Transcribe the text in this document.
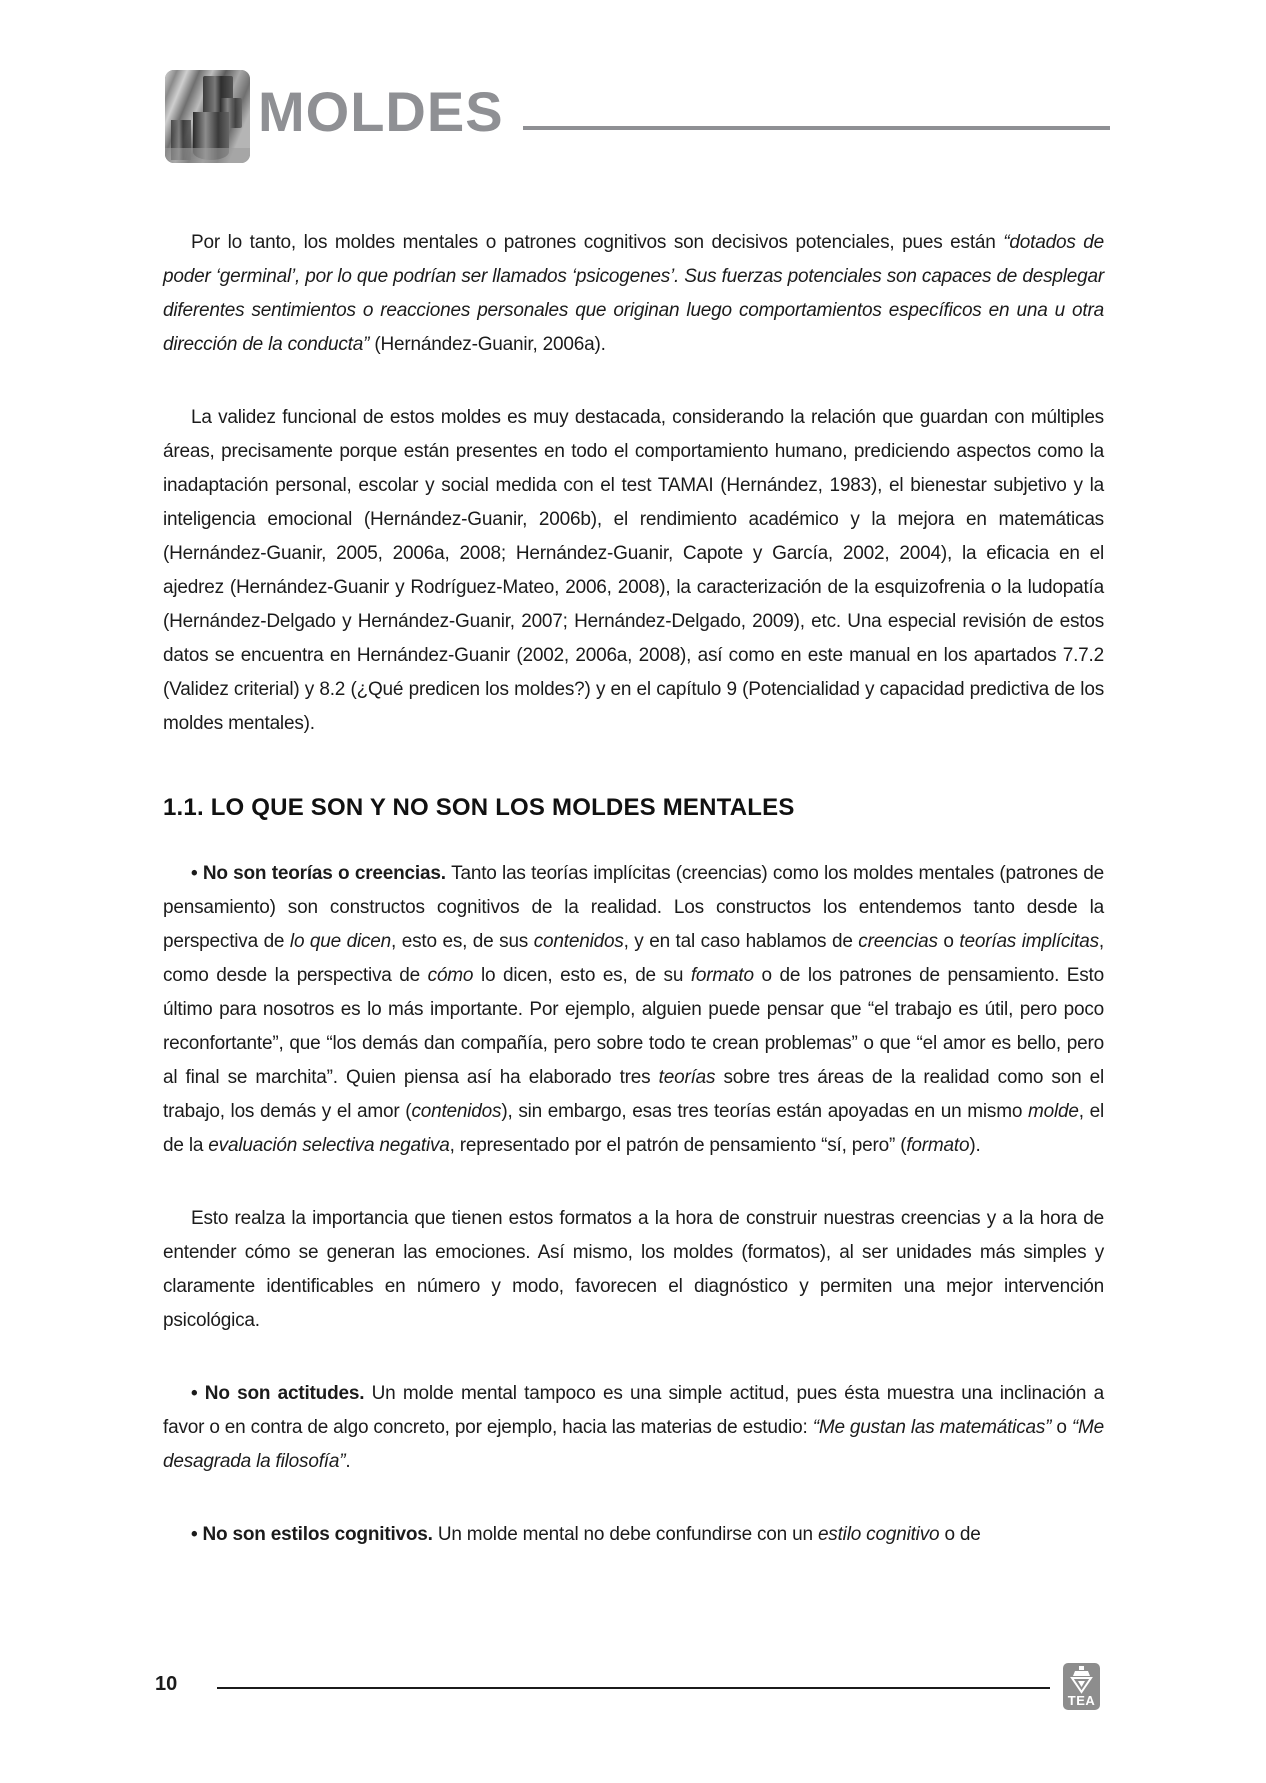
MOLDES

Por lo tanto, los moldes mentales o patrones cognitivos son decisivos potenciales, pues están “dotados de poder ‘germinal’, por lo que podrían ser llamados ‘psicogenes’. Sus fuerzas potenciales son capaces de desplegar diferentes sentimientos o reacciones personales que originan luego comportamientos específicos en una u otra dirección de la conducta” (Hernández-Guanir, 2006a).

La validez funcional de estos moldes es muy destacada, considerando la relación que guardan con múltiples áreas, precisamente porque están presentes en todo el comportamiento humano, prediciendo aspectos como la inadaptación personal, escolar y social medida con el test TAMAI (Hernández, 1983), el bienestar subjetivo y la inteligencia emocional (Hernández-Guanir, 2006b), el rendimiento académico y la mejora en matemáticas (Hernández-Guanir, 2005, 2006a, 2008; Hernández-Guanir, Capote y García, 2002, 2004), la eficacia en el ajedrez (Hernández-Guanir y Rodríguez-Mateo, 2006, 2008), la caracterización de la esquizofrenia o la ludopatía (Hernández-Delgado y Hernández-Guanir, 2007; Hernández-Delgado, 2009), etc. Una especial revisión de estos datos se encuentra en Hernández-Guanir (2002, 2006a, 2008), así como en este manual en los apartados 7.7.2 (Validez criterial) y 8.2 (¿Qué predicen los moldes?) y en el capítulo 9 (Potencialidad y capacidad predictiva de los moldes mentales).

1.1. LO QUE SON Y NO SON LOS MOLDES MENTALES

• No son teorías o creencias. Tanto las teorías implícitas (creencias) como los moldes mentales (patrones de pensamiento) son constructos cognitivos de la realidad. Los constructos los entendemos tanto desde la perspectiva de lo que dicen, esto es, de sus contenidos, y en tal caso hablamos de creencias o teorías implícitas, como desde la perspectiva de cómo lo dicen, esto es, de su formato o de los patrones de pensamiento. Esto último para nosotros es lo más importante. Por ejemplo, alguien puede pensar que “el trabajo es útil, pero poco reconfortante”, que “los demás dan compañía, pero sobre todo te crean problemas” o que “el amor es bello, pero al final se marchita”. Quien piensa así ha elaborado tres teorías sobre tres áreas de la realidad como son el trabajo, los demás y el amor (contenidos), sin embargo, esas tres teorías están apoyadas en un mismo molde, el de la evaluación selectiva negativa, representado por el patrón de pensamiento “sí, pero” (formato).

Esto realza la importancia que tienen estos formatos a la hora de construir nuestras creencias y a la hora de entender cómo se generan las emociones. Así mismo, los moldes (formatos), al ser unidades más simples y claramente identificables en número y modo, favorecen el diagnóstico y permiten una mejor intervención psicológica.

• No son actitudes. Un molde mental tampoco es una simple actitud, pues ésta muestra una inclinación a favor o en contra de algo concreto, por ejemplo, hacia las materias de estudio: “Me gustan las matemáticas” o “Me desagrada la filosofía”.

• No son estilos cognitivos. Un molde mental no debe confundirse con un estilo cognitivo o de

10
TEA
